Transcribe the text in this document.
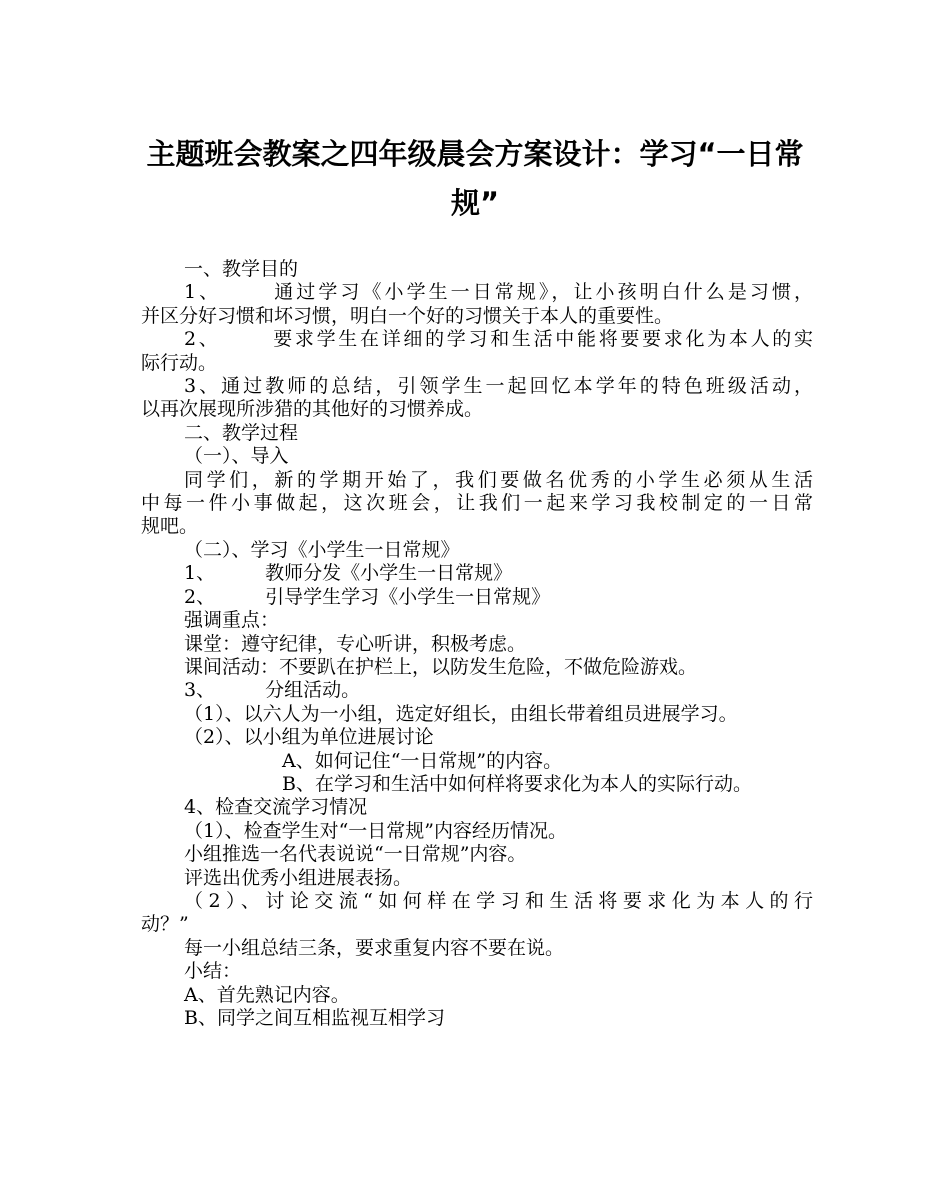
主题班会教案之四年级晨会方案设计：学习“一日常
规”

一、教学目的

1、	通过学习《小学生一日常规》，让小孩明白什么是习惯，

并区分好习惯和坏习惯，明白一个好的习惯关于本人的重要性。

2、	要求学生在详细的学习和生活中能将要要求化为本人的实

际行动。

3、通过教师的总结，引领学生一起回忆本学年的特色班级活动，

以再次展现所涉猎的其他好的习惯养成。

二、教学过程

（一）、导入

同学们，新的学期开始了，我们要做名优秀的小学生必须从生活

中每一件小事做起，这次班会，让我们一起来学习我校制定的一日常

规吧。

（二）、学习《小学生一日常规》

1、	教师分发《小学生一日常规》

2、	引导学生学习《小学生一日常规》

强调重点：

课堂：遵守纪律，专心听讲，积极考虑。

课间活动：不要趴在护栏上，以防发生危险，不做危险游戏。

3、	分组活动。

（1）、以六人为一小组，选定好组长，由组长带着组员进展学习。

（2）、以小组为单位进展讨论

A、如何记住“一日常规”的内容。

B、在学习和生活中如何样将要求化为本人的实际行动。

4、检查交流学习情况

（1）、检查学生对“一日常规”内容经历情况。

小组推选一名代表说说“一日常规”内容。

评选出优秀小组进展表扬。

（2）、讨论交流“如何样在学习和生活将要求化为本人的行

动？”

每一小组总结三条，要求重复内容不要在说。

小结：

A、首先熟记内容。

B、同学之间互相监视互相学习
